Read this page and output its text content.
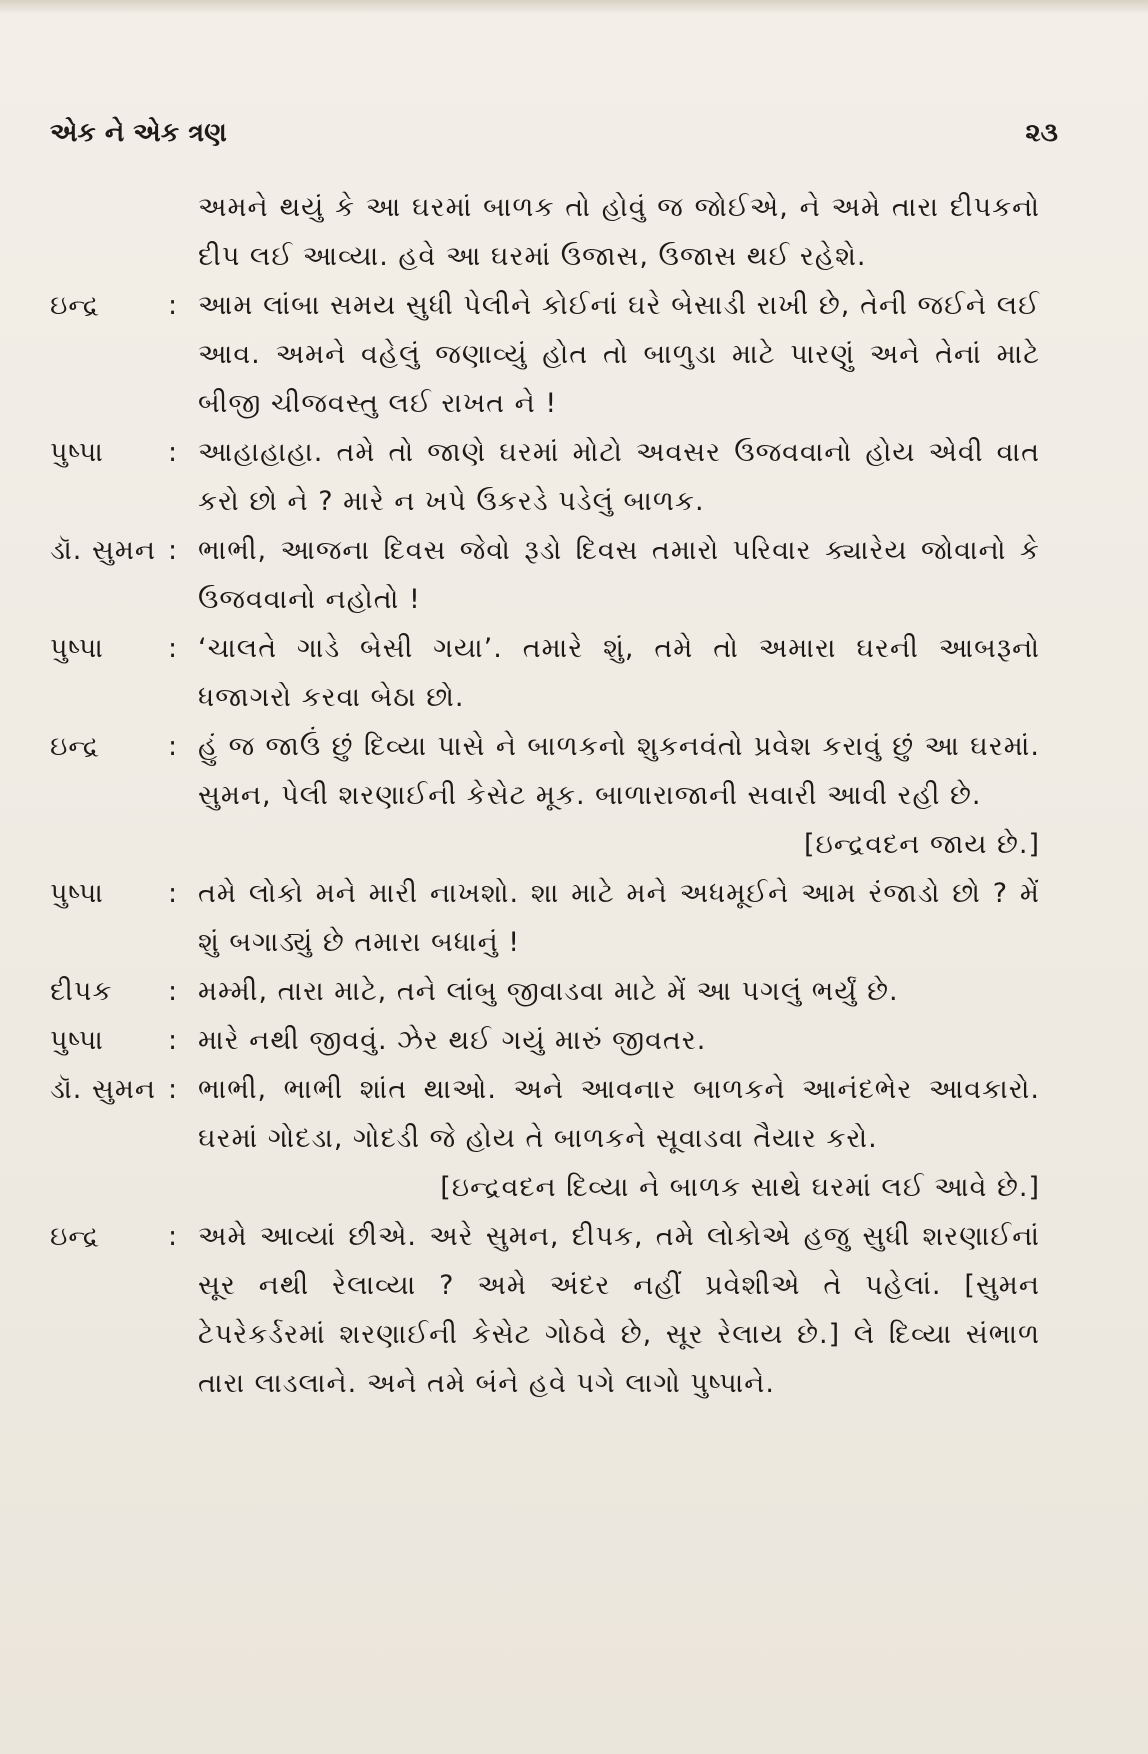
એક ને એક ત્રણ	૨૩
અમને થયું કે આ ઘરમાં બાળક તો હોવું જ જોઈએ, ને અમે તારા દીપકનો દીપ લઈ આવ્યા. હવે આ ઘરમાં ઉજાસ, ઉજાસ થઈ રહેશે.
ઇન્દ્ર	: આમ લાંબા સમય સુધી પેલીને કોઈનાં ઘરે બેસાડી રાખી છે, તેની જઈને લઈ આવ. અમને વહેલું જણાવ્યું હોત તો બાળુડા માટે પારણું અને તેનાં માટે બીજી ચીજવસ્તુ લઈ રાખત ને !
પુષ્પા	: આહાહાહા. તમે તો જાણે ઘરમાં મોટો અવસર ઉજવવાનો હોય એવી વાત કરો છો ને ? મારે ન ખપે ઉકરડે પડેલું બાળક.
ડૉ. સુમન : ભાભી, આજના દિવસ જેવો રૂડો દિવસ તમારો પરિવાર ક્યારેય જોવાનો કે ઉજવવાનો નહોતો !
પુષ્પા	: ‘ચાલતે ગાડે બેસી ગયા’. તમારે શું, તમે તો અમારા ઘરની આબરૂનો ધજાગરો કરવા બેઠા છો.
ઇન્દ્ર	: હું જ જાઉં છું દિવ્યા પાસે ને બાળકનો શુકનવંતો પ્રવેશ કરાવું છું આ ઘરમાં. સુમન, પેલી શરણાઈની કેસેટ મૂક. બાળારાજાની સવારી આવી રહી છે.
[ઇન્દ્રવદન જાય છે.]
પુષ્પા	: તમે લોકો મને મારી નાખશો. શા માટે મને અધમૂઈને આમ રંજાડો છો ? મેં શું બગાડ્યું છે તમારા બધાનું !
દીપક	: મમ્મી, તારા માટે, તને લાંબુ જીવાડવા માટે મેં આ પગલું ભર્યું છે.
પુષ્પા	: મારે નથી જીવવું. ઝેર થઈ ગયું મારું જીવતર.
ડૉ. સુમન : ભાભી, ભાભી શાંત થાઓ. અને આવનાર બાળકને આનંદભેર આવકારો. ઘરમાં ગોદડા, ગોદડી જે હોય તે બાળકને સૂવાડવા તૈયાર કરો.
[ઇન્દ્રવદન દિવ્યા ને બાળક સાથે ઘરમાં લઈ આવે છે.]
ઇન્દ્ર	: અમે આવ્યાં છીએ. અરે સુમન, દીપક, તમે લોકોએ હજુ સુધી શરણાઈનાં સૂર નથી રેલાવ્યા ? અમે અંદર નહીં પ્રવેશીએ તે પહેલાં. [સુમન ટેપરેકર્ડરમાં શરણાઈની કેસેટ ગોઠવે છે, સૂર રેલાય છે.] લે દિવ્યા સંભાળ તારા લાડલાને. અને તમે બંને હવે પગે લાગો પુષ્પાને.
